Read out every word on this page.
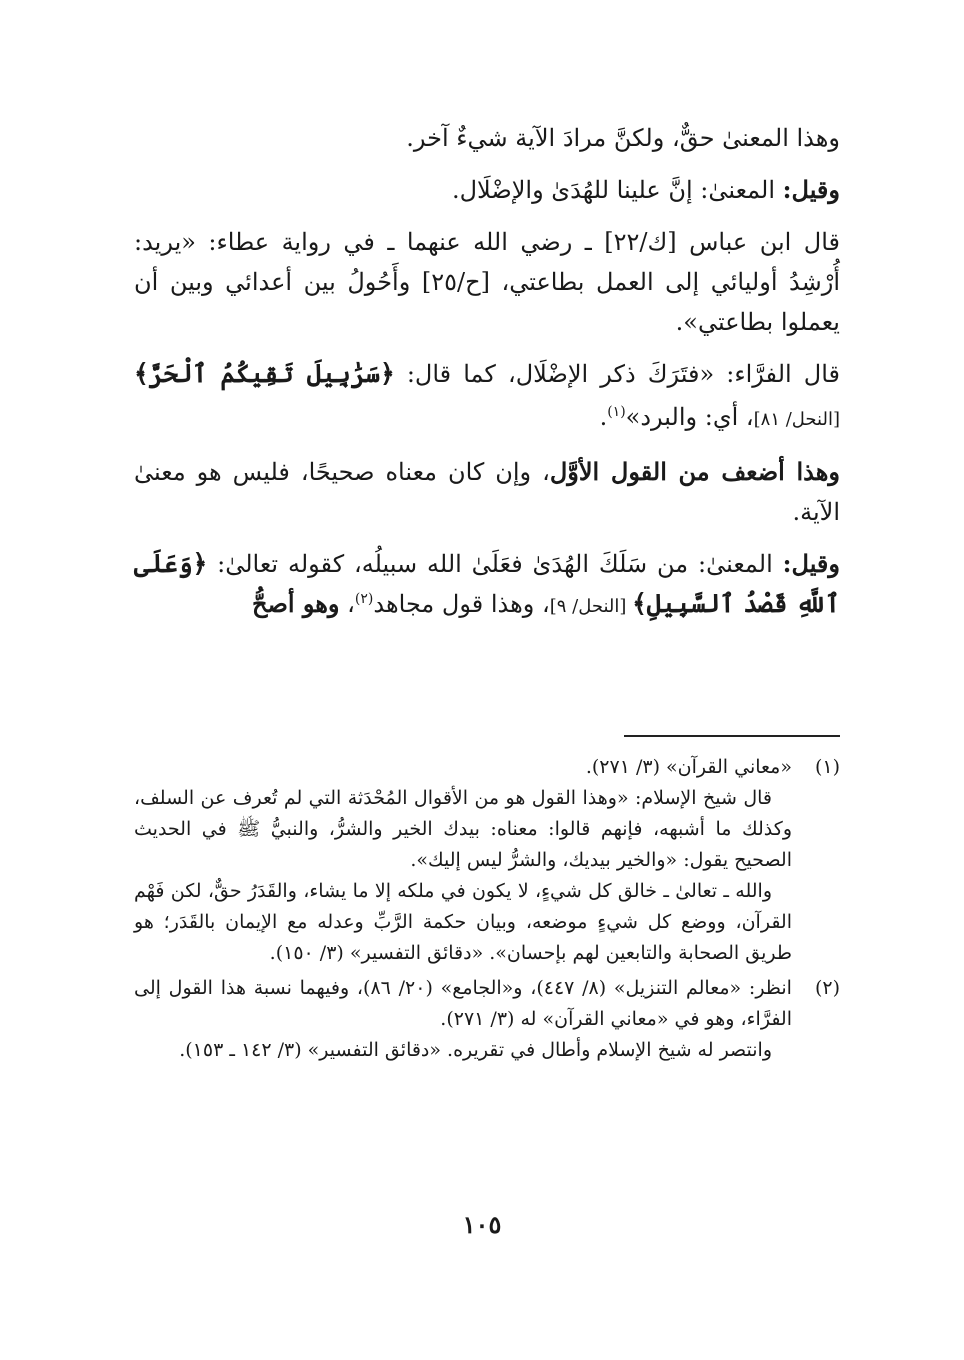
وهذا المعنىٰ حقٌّ، ولكنَّ مرادَ الآية شيءٌ آخر.

وقيل: المعنىٰ: إنَّ علينا للهُدَىٰ والإضْلَال.

قال ابن عباس [ك/٢٢] ـ رضي الله عنهما ـ في رواية عطاء: «يريد: أُرْشِدُ أوليائي إلى العمل بطاعتي، [ح/٢٥] وأَحُولُ بين أعدائي وبين أن يعملوا بطاعتي».

قال الفرَّاء: «فتَرَكَ ذكر الإضْلَال، كما قال: ﴿سَرَٰبِيلَ تَقِيكُمُ ٱلْحَرَّ﴾ [النحل/ ٨١]، أي: والبرد»$^{(١)}$.

وهذا أضعف من القول الأوَّل، وإن كان معناه صحيحًا، فليس هو معنىٰ الآية.

وقيل: المعنىٰ: من سَلَكَ الهُدَىٰ فعَلَىٰ الله سبيلُه، كقوله تعالىٰ: ﴿وَعَلَى ٱللَّهِ قَصْدُ ٱلسَّبِيلِ﴾ [النحل/ ٩]، وهذا قول مجاهد$^{(٢)}$، وهو أصحُّ

(١)

«معاني القرآن» (٣/ ٢٧١).

قال شيخ الإسلام: «وهذا القول هو من الأقوال المُحْدَثة التي لم تُعرف عن السلف، وكذلك ما أشبهه، فإنهم قالوا: معناه: بيدك الخير والشرُّ، والنبيُّ ﷺ في الحديث الصحيح يقول: «والخير بيديك، والشرُّ ليس إليك».

والله ـ تعالىٰ ـ خالق كل شيءٍ، لا يكون في ملكه إلا ما يشاء، والقَدَرُ حقٌّ، لكن فَهْم القرآن، ووضع كل شيءٍ موضعه، وبيان حكمة الرَّبِّ وعدله مع الإيمان بالقَدَر؛ هو طريق الصحابة والتابعين لهم بإحسان». «دقائق التفسير» (٣/ ١٥٠).

(٢)

انظر: «معالم التنزيل» (٨/ ٤٤٧)، و«الجامع» (٢٠/ ٨٦)، وفيهما نسبة هذا القول إلى الفرَّاء، وهو في «معاني القرآن» له (٣/ ٢٧١).

وانتصر له شيخ الإسلام وأطال في تقريره. «دقائق التفسير» (٣/ ١٤٢ ـ ١٥٣).

١٠٥
